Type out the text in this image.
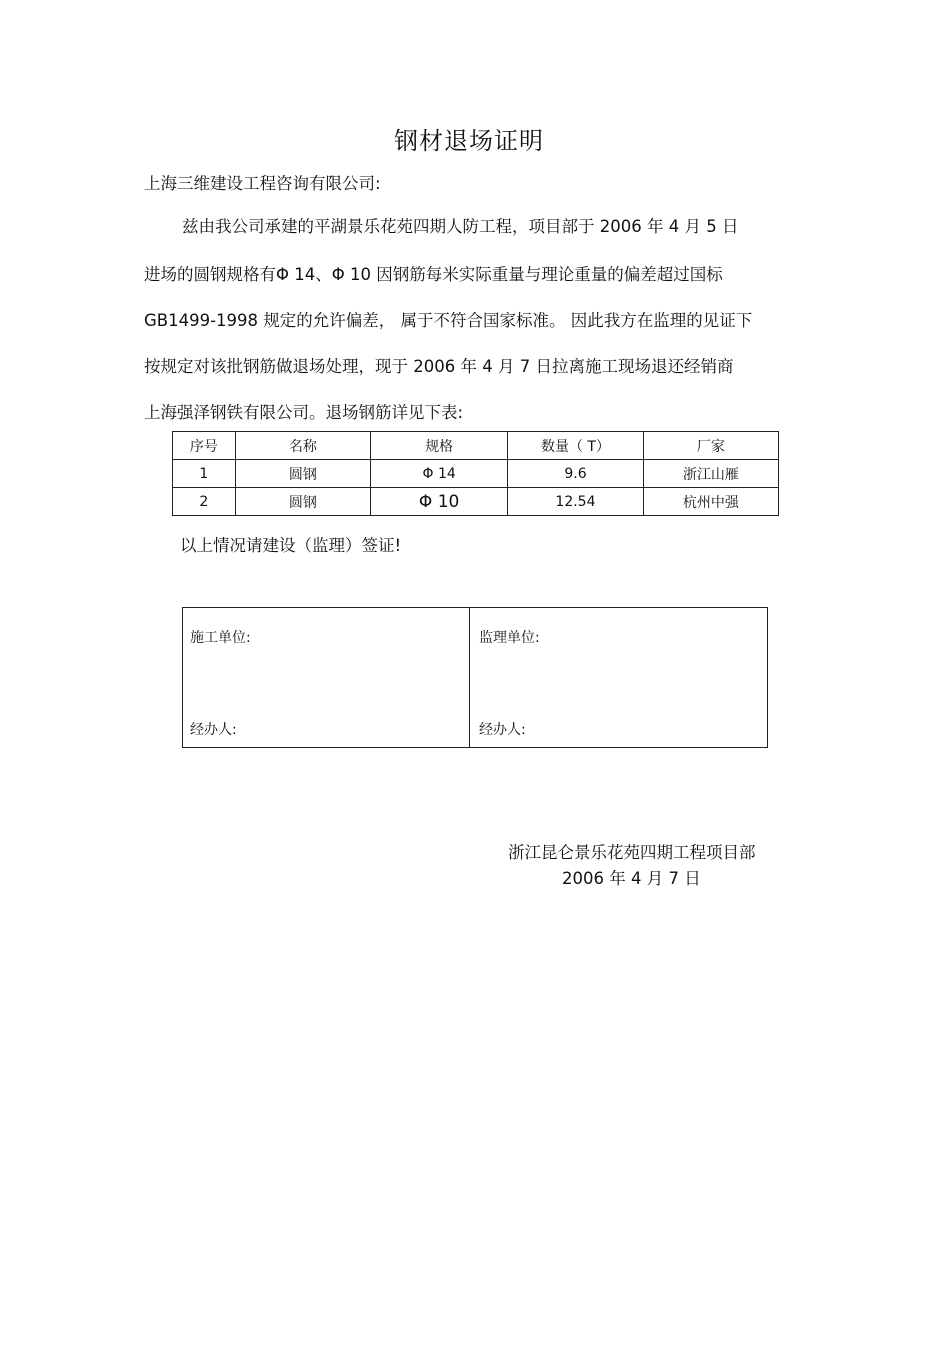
钢材退场证明
上海三维建设工程咨询有限公司:
兹由我公司承建的平湖景乐花苑四期人防工程，项目部于 2006 年 4 月 5 日
进场的圆钢规格有Φ 14、Φ 10 因钢筋每米实际重量与理论重量的偏差超过国标
GB1499-1998 规定的允许偏差， 属于不符合国家标准。 因此我方在监理的见证下
按规定对该批钢筋做退场处理，现于 2006 年 4 月 7 日拉离施工现场退还经销商
上海强泽钢铁有限公司。退场钢筋详见下表:
序号	名称	规格	数量（ T）	厂家
1	圆钢	Φ 14	9.6	浙江山雁
2	圆钢	Φ 10	12.54	杭州中强
以上情况请建设（监理）签证!
施工单位:
经办人:
监理单位:
经办人:
浙江昆仑景乐花苑四期工程项目部
2006 年 4 月 7 日
